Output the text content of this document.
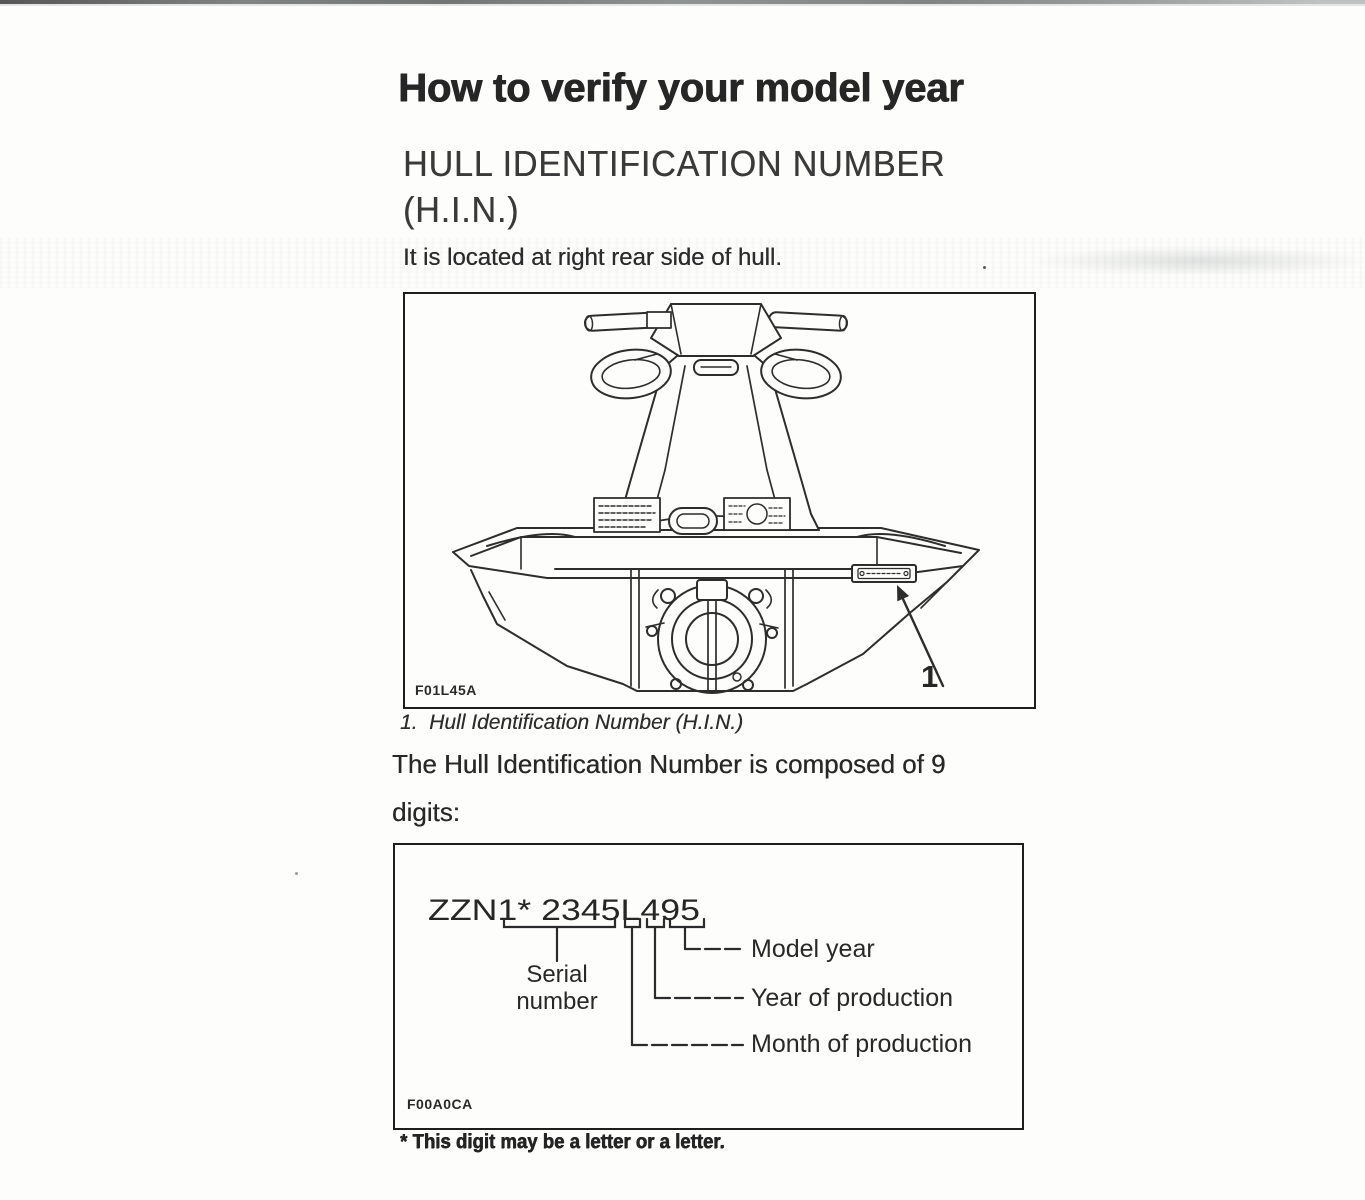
How to verify your model year
HULL IDENTIFICATION NUMBER
(H.I.N.)
It is located at right rear side of hull.
1
F01L45A
1.  Hull Identification Number (H.I.N.)
The Hull Identification Number is composed of 9
digits:
ZZN1* 2345L495
Serial
number
Model year
Year of production
Month of production
F00A0CA
* This digit may be a letter or a letter.
